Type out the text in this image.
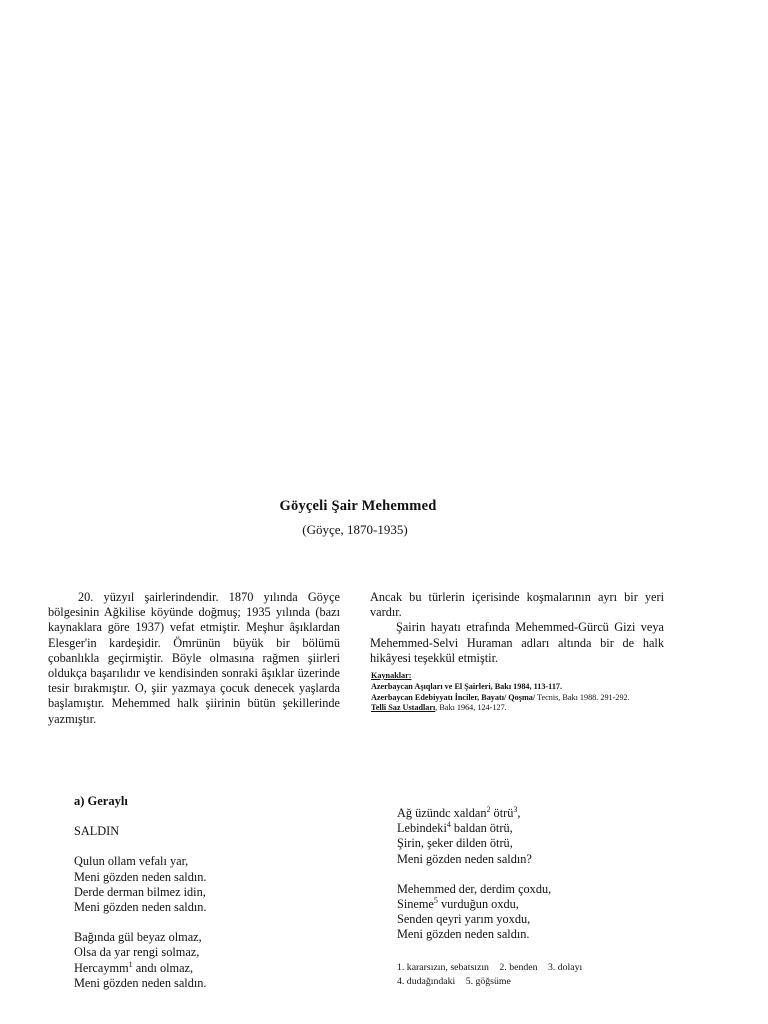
Göyçeli Şair Mehemmed
(Göyçe, 1870-1935)

20. yüzyıl şairlerindendir. 1870 yılında Göyçe bölgesinin Ağkilise köyünde doğmuş; 1935 yılında (bazı kaynaklara göre 1937) vefat etmiştir. Meşhur âşıklardan Elesger'in kardeşidir. Ömrünün büyük bir bölümü çobanlıkla geçirmiştir. Böyle olmasına rağmen şiirleri oldukça başarılıdır ve kendisinden sonraki âşıklar üzerinde tesir bırakmıştır. O, şiir yazmaya çocuk denecek yaşlarda başlamıştır. Mehemmed halk şiirinin bütün şekillerinde yazmıştır.

Ancak bu türlerin içerisinde koşmalarının ayrı bir yeri vardır.

Şairin hayatı etrafında Mehemmed-Gürcü Gizi veya Mehemmed-Selvi Huraman adları altında bir de halk hikâyesi teşekkül etmiştir.

Kaynaklar:
Azerbaycan Aşıqları ve El Şairleri, Bakı 1984, 113-117.
Azerbaycan Edebiyyatı İnciler, Bayatı/ Qoşma/ Tecnis, Bakı 1988. 291-292.
Telli Saz Ustadları, Bakı 1964, 124-127.
a) Geraylı
SALDIN
Qulun ollam vefalı yar,
Meni gözden neden saldın.
Derde derman bilmez idin,
Meni gözden neden saldın.
Bağında gül beyaz olmaz,
Olsa da yar rengi solmaz,
Hercaymm$^1$ andı olmaz,
Meni gözden neden saldın.
Ağ üzündc xaldan$^2$ ötrü$^3$,
Lebindeki$^4$ baldan ötrü,
Şirin, şeker dilden ötrü,
Meni gözden neden saldın?
Mehemmed der, derdim çoxdu,
Sineme$^5$ vurduğun oxdu,
Senden qeyri yarım yoxdu,
Meni gözden neden saldın.
1. kararsızın, sebatsızın 2. benden 3. dolayı
4. dudağındaki 5. göğsüme
